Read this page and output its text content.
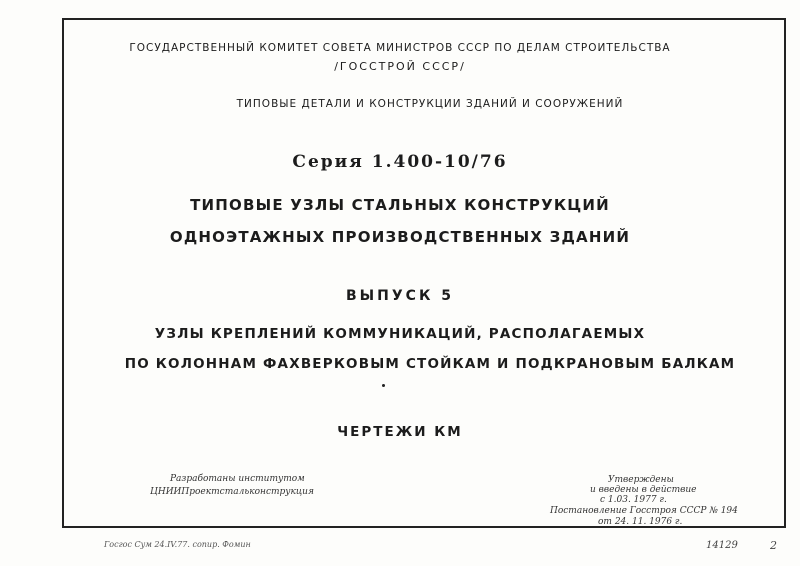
ГОСУДАРСТВЕННЫЙ КОМИТЕТ СОВЕТА МИНИСТРОВ СССР ПО ДЕЛАМ СТРОИТЕЛЬСТВА
/ГОССТРОЙ СССР/
ТИПОВЫЕ ДЕТАЛИ И КОНСТРУКЦИИ ЗДАНИЙ И СООРУЖЕНИЙ
Серия 1.400-10/76
ТИПОВЫЕ УЗЛЫ СТАЛЬНЫХ КОНСТРУКЦИЙ
ОДНОЭТАЖНЫХ ПРОИЗВОДСТВЕННЫХ ЗДАНИЙ
ВЫПУСК 5
УЗЛЫ КРЕПЛЕНИЙ КОММУНИКАЦИЙ, РАСПОЛАГАЕМЫХ
ПО КОЛОННАМ ФАХВЕРКОВЫМ СТОЙКАМ И ПОДКРАНОВЫМ БАЛКАМ
ЧЕРТЕЖИ КМ
Разработаны институтом
ЦНИИПроектстальконструкция
Утверждены
и введены в действие
с 1.03. 1977 г.
Постановление Госстроя СССР № 194
от 24. 11. 1976 г.
Госгос Сум 24.IV.77. сопир. Фомин	14129	2
